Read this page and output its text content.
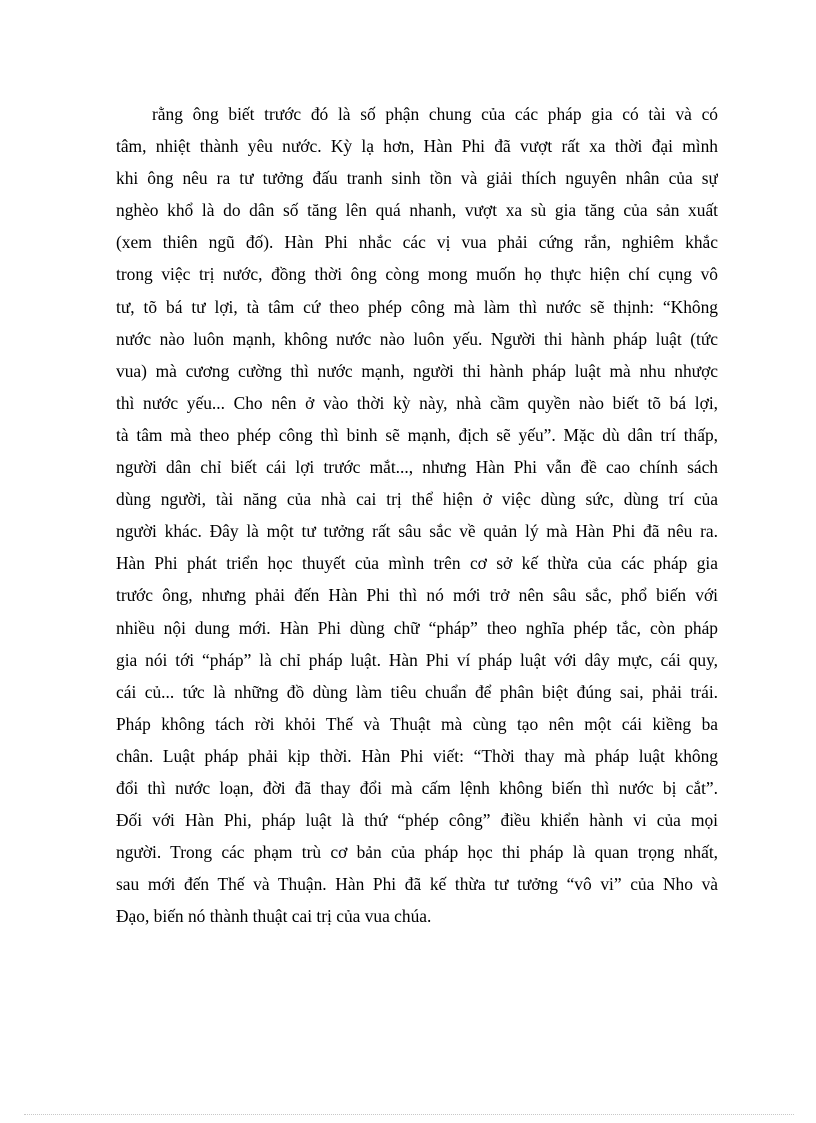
rằng ông biết trước đó là số phận chung của các pháp gia có tài và có
tâm, nhiệt thành yêu nước. Kỳ lạ hơn, Hàn Phi đã vượt rất xa thời đại mình
khi ông nêu ra tư tưởng đấu tranh sinh tồn và giải thích nguyên nhân của sự
nghèo khổ là do dân số tăng lên quá nhanh, vượt xa sù gia tăng của sản xuất
(xem thiên ngũ đố). Hàn Phi nhắc các vị vua phải cứng rắn, nghiêm khắc
trong việc trị nước, đồng thời ông còng mong muốn họ thực hiện chí cụng vô
tư, tõ bá tư lợi, tà tâm cứ theo phép công mà làm thì nước sẽ thịnh: “Không
nước nào luôn mạnh, không nước nào luôn yếu. Người thi hành pháp luật (tức
vua) mà cương cường thì nước mạnh, người thi hành pháp luật mà nhu nhược
thì nước yếu... Cho nên ở vào thời kỳ này, nhà cầm quyền nào biết tõ bá lợi,
tà tâm mà theo phép công thì binh sẽ mạnh, địch sẽ yếu”. Mặc dù dân trí thấp,
người dân chỉ biết cái lợi trước mắt..., nhưng Hàn Phi vẫn đề cao chính sách
dùng người, tài năng của nhà cai trị thể hiện ở việc dùng sức, dùng trí của
người khác. Đây là một tư tưởng rất sâu sắc về quản lý mà Hàn Phi đã nêu ra.
Hàn Phi phát triển học thuyết của mình trên cơ sở kế thừa của các pháp gia
trước ông, nhưng phải đến Hàn Phi thì nó mới trở nên sâu sắc, phổ biến với
nhiều nội dung mới. Hàn Phi dùng chữ “pháp” theo nghĩa phép tắc, còn pháp
gia nói tới “pháp” là chỉ pháp luật. Hàn Phi ví pháp luật với dây mực, cái quy,
cái củ... tức là những đồ dùng làm tiêu chuẩn để phân biệt đúng sai, phải trái.
Pháp không tách rời khỏi Thế và Thuật mà cùng tạo nên một cái kiềng ba
chân. Luật pháp phải kịp thời. Hàn Phi viết: “Thời thay mà pháp luật không
đổi thì nước loạn, đời đã thay đổi mà cấm lệnh không biến thì nước bị cắt”.
Đối với Hàn Phi, pháp luật là thứ “phép công” điều khiển hành vi của mọi
người. Trong các phạm trù cơ bản của pháp học thi pháp là quan trọng nhất,
sau mới đến Thế và Thuận. Hàn Phi đã kế thừa tư tưởng “vô vi” của Nho và
Đạo, biến nó thành thuật cai trị của vua chúa.
